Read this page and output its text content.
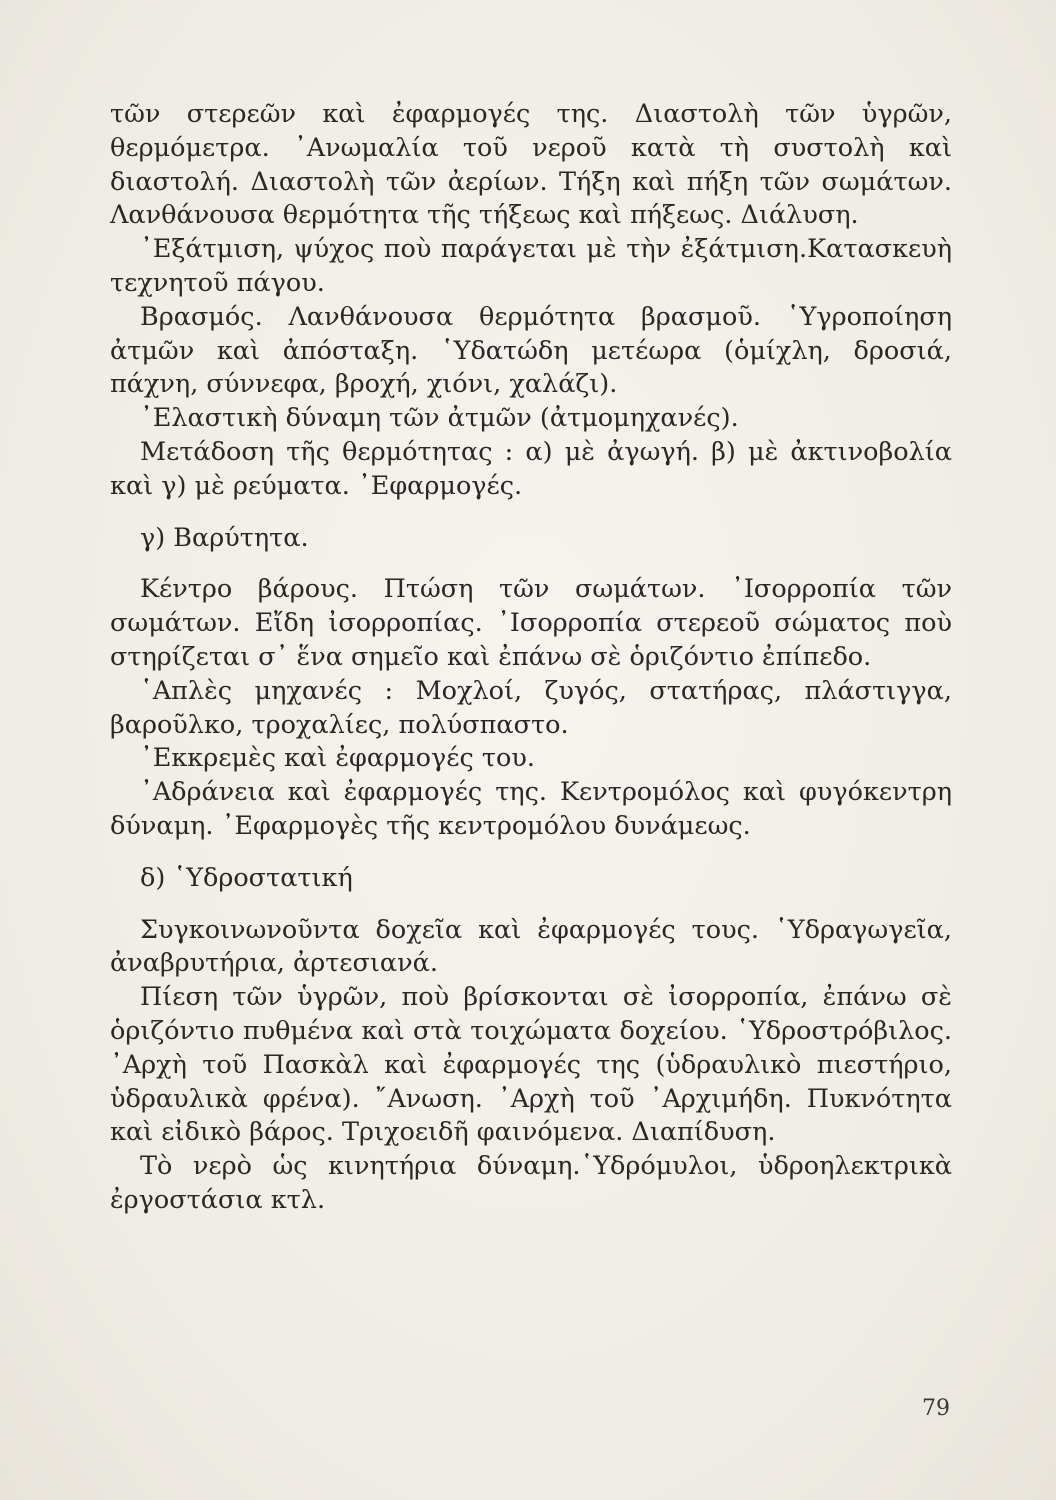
τῶν στερεῶν καὶ ἐφαρμογές της. Διαστολὴ τῶν ὑγρῶν, θερμόμετρα. ᾿Ανωμαλία τοῦ νεροῦ κατὰ τὴ συστολὴ καὶ διαστολή. Διαστολὴ τῶν ἀερίων. Τήξη καὶ πήξη τῶν σωμάτων. Λανθάνουσα θερμότητα τῆς τήξεως καὶ πήξεως. Διάλυση.

᾿Εξάτμιση, ψύχος ποὺ παράγεται μὲ τὴν ἐξάτμιση.Κατασκευὴ τεχνητοῦ πάγου.

Βρασμός. Λανθάνουσα θερμότητα βρασμοῦ. ῾Υγροποίηση ἀτμῶν καὶ ἀπόσταξη. ῾Υδατώδη μετέωρα (ὁμίχλη, δροσιά, πάχνη, σύννεφα, βροχή, χιόνι, χαλάζι).

᾿Ελαστικὴ δύναμη τῶν ἀτμῶν (ἀτμομηχανές).

Μετάδοση τῆς θερμότητας : α) μὲ ἀγωγή. β) μὲ ἀκτινοβολία καὶ γ) μὲ ρεύματα. ᾿Εφαρμογές.

γ) Βαρύτητα.

Κέντρο βάρους. Πτώση τῶν σωμάτων. ᾿Ισορροπία τῶν σωμάτων. Εἴδη ἰσορροπίας. ᾿Ισορροπία στερεοῦ σώματος ποὺ στηρίζεται σ᾿ ἕνα σημεῖο καὶ ἐπάνω σὲ ὁριζόντιο ἐπίπεδο.

῾Απλὲς μηχανές : Μοχλοί, ζυγός, στατήρας, πλάστιγγα, βαροῦλκο, τροχαλίες, πολύσπαστο.

᾿Εκκρεμὲς καὶ ἐφαρμογές του.

᾿Αδράνεια καὶ ἐφαρμογές της. Κεντρομόλος καὶ φυγόκεντρη δύναμη. ᾿Εφαρμογὲς τῆς κεντρομόλου δυνάμεως.

δ) ῾Υδροστατική

Συγκοινωνοῦντα δοχεῖα καὶ ἐφαρμογές τους. ῾Υδραγωγεῖα, ἀναβρυτήρια, ἀρτεσιανά.

Πίεση τῶν ὑγρῶν, ποὺ βρίσκονται σὲ ἰσορροπία, ἐπάνω σὲ ὁριζόντιο πυθμένα καὶ στὰ τοιχώματα δοχείου. ῾Υδροστρόβιλος. ᾿Αρχὴ τοῦ Πασκὰλ καὶ ἐφαρμογές της (ὑδραυλικὸ πιεστήριο, ὑδραυλικὰ φρένα). ῎Ανωση. ᾿Αρχὴ τοῦ ᾿Αρχιμήδη. Πυκνότητα καὶ εἰδικὸ βάρος. Τριχοειδῆ φαινόμενα. Διαπίδυση.

Τὸ νερὸ ὡς κινητήρια δύναμη.῾Υδρόμυλοι, ὑδροηλεκτρικὰ ἐργοστάσια κτλ.

79
